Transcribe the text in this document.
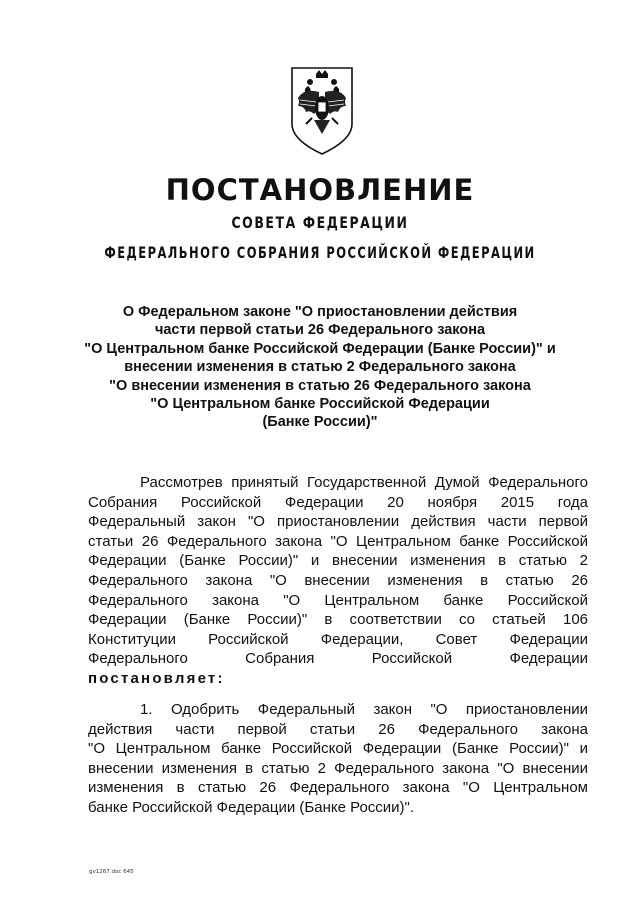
ПОСТАНОВЛЕНИЕ
СОВЕТА ФЕДЕРАЦИИ
ФЕДЕРАЛЬНОГО СОБРАНИЯ РОССИЙСКОЙ ФЕДЕРАЦИИ
О Федеральном законе "О приостановлении действия
части первой статьи 26 Федерального закона
"О Центральном банке Российской Федерации (Банке России)" и
внесении изменения в статью 2 Федерального закона
"О внесении изменения в статью 26 Федерального закона
"О Центральном банке Российской Федерации
(Банке России)"
Рассмотрев принятый Государственной Думой Федерального
Собрания Российской Федерации 20 ноября 2015 года
Федеральный закон "О приостановлении действия части первой
статьи 26 Федерального закона "О Центральном банке Российской
Федерации (Банке России)" и внесении изменения в статью 2
Федерального закона "О внесении изменения в статью 26
Федерального закона "О Центральном банке Российской
Федерации (Банке России)" в соответствии со статьей 106
Конституции Российской Федерации, Совет Федерации
Федерального Собрания Российской Федерации
постановляет:
1. Одобрить Федеральный закон "О приостановлении
действия части первой статьи 26 Федерального закона
"О Центральном банке Российской Федерации (Банке России)" и
внесении изменения в статью 2 Федерального закона "О внесении
изменения в статью 26 Федерального закона "О Центральном
банке Российской Федерации (Банке России)".
gv1267.doc 645
